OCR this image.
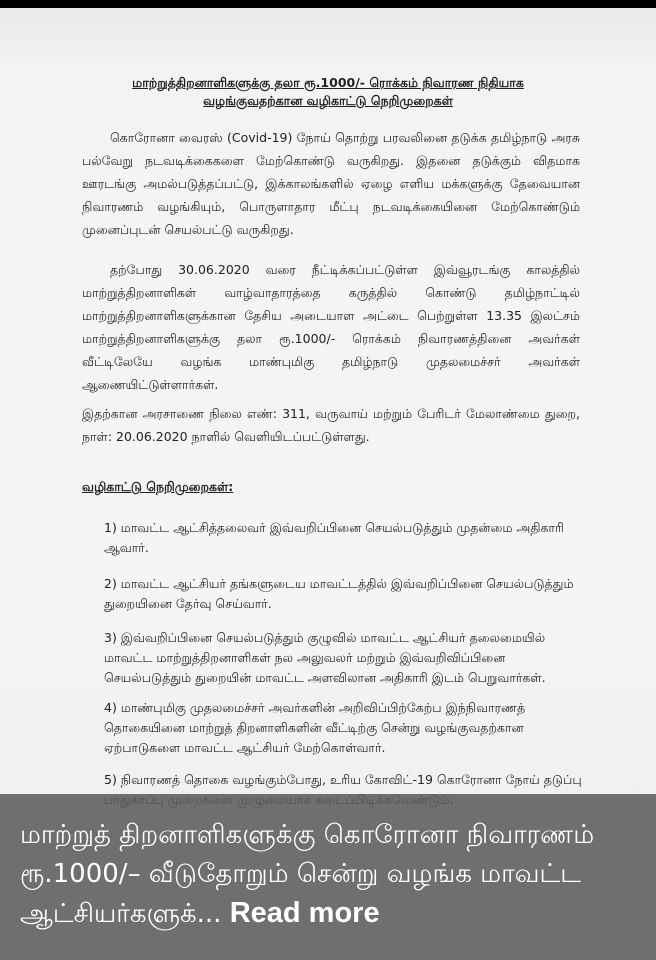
மாற்றுத்திறனாளிகளுக்கு தலா ரூ.1000/- ரொக்கம் நிவாரண நிதியாக
வழங்குவதற்கான வழிகாட்டு நெறிமுறைகள்
கொரோனா வைரஸ் (Covid-19) நோய் தொற்று பரவலினை தடுக்க தமிழ்நாடு அரசு பல்வேறு நடவடிக்கைகளை மேற்கொண்டு வருகிறது. இதனை தடுக்கும் விதமாக ஊரடங்கு அமல்படுத்தப்பட்டு, இக்காலங்களில் ஏழை எளிய மக்களுக்கு தேவையான நிவாரணம் வழங்கியும், பொருளாதார மீட்பு நடவடிக்கையினை மேற்கொண்டும் முனைப்புடன் செயல்பட்டு வருகிறது.
தற்போது 30.06.2020 வரை நீட்டிக்கப்பட்டுள்ள இவ்வூரடங்கு காலத்தில் மாற்றுத்திறனாளிகள் வாழ்வாதாரத்தை கருத்தில் கொண்டு தமிழ்நாட்டில் மாற்றுத்திறனாளிகளுக்கான தேசிய அடையாள அட்டை பெற்றுள்ள 13.35 இலட்சம் மாற்றுத்திறனாளிகளுக்கு தலா ரூ.1000/- ரொக்கம் நிவாரணத்தினை அவர்கள் வீட்டிலேயே வழங்க மாண்புமிகு தமிழ்நாடு முதலமைச்சர் அவர்கள் ஆணையிட்டுள்ளார்கள்.
இதற்கான அரசாணை நிலை எண்: 311, வருவாய் மற்றும் பேரிடர் மேலாண்மை துறை, நாள்: 20.06.2020 நாளில் வெளியிடப்பட்டுள்ளது.
வழிகாட்டு நெறிமுறைகள்:
1) மாவட்ட ஆட்சித்தலைவர் இவ்வறிப்பினை செயல்படுத்தும் முதன்மை அதிகாரி ஆவார்.
2) மாவட்ட ஆட்சியர் தங்களுடைய மாவட்டத்தில் இவ்வறிப்பினை செயல்படுத்தும் துறையினை தேர்வு செய்வார்.
3) இவ்வறிப்பினை செயல்படுத்தும் குழுவில் மாவட்ட ஆட்சியர் தலைமையில் மாவட்ட மாற்றுத்திறனாளிகள் நல அலுவலர் மற்றும் இவ்வறிவிப்பினை செயல்படுத்தும் துறையின் மாவட்ட அளவிலான அதிகாரி இடம் பெறுவார்கள்.
4) மாண்புமிகு முதலமைச்சர் அவர்களின் அறிவிப்பிற்கேற்ப இந்நிவாரணத் தொகையினை மாற்றுத் திறனாளிகளின் வீட்டிற்கு சென்று வழங்குவதற்கான ஏற்பாடுகளை மாவட்ட ஆட்சியர் மேற்கொள்வார்.
5) நிவாரணத் தொகை வழங்கும்போது, உரிய கோவிட்-19 கொரோனா நோய் தடுப்பு
மாற்றுத் திறனாளிகளுக்கு கொரோனா நிவாரணம் ரூ.1000/– வீடுதோறும் சென்று வழங்க மாவட்ட ஆட்சியர்களுக்... Read more
